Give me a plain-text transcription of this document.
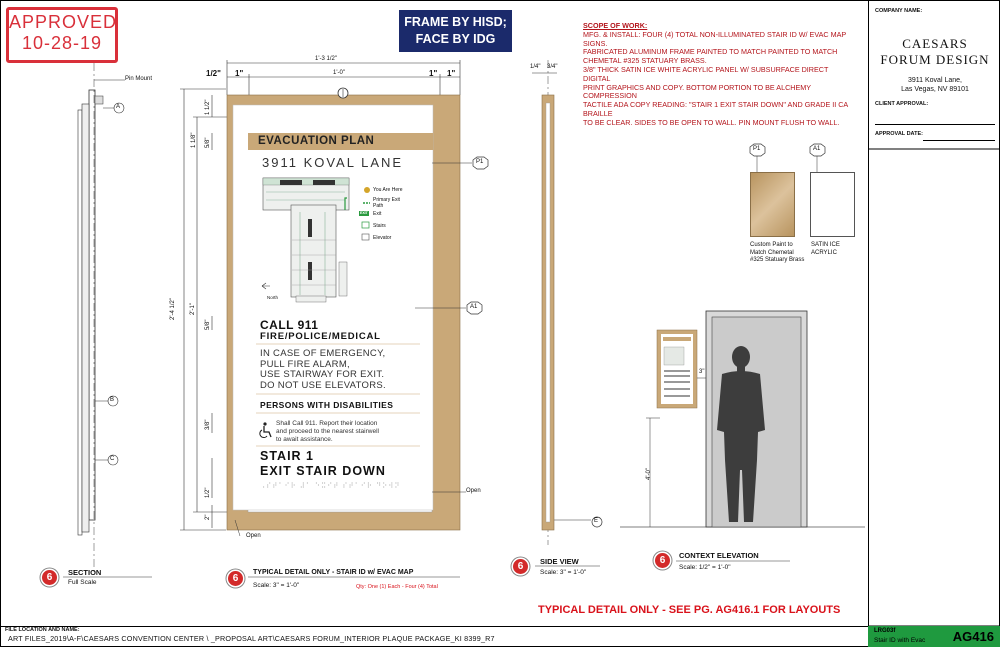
APPROVED
10-28-19
FRAME BY HISD;
FACE BY IDG
SCOPE OF WORK:
MFG. & INSTALL: FOUR (4) TOTAL NON-ILLUMINATED STAIR ID W/ EVAC MAP SIGNS.
FABRICATED ALUMINUM FRAME PAINTED TO MATCH PAINTED TO MATCH
CHEMETAL #325 STATUARY BRASS.
3/8" THICK SATIN ICE WHITE ACRYLIC PANEL W/ SUBSURFACE DIRECT DIGITAL
PRINT GRAPHICS AND COPY. BOTTOM PORTION TO BE ALCHEMY COMPRESSION
TACTILE ADA COPY READING: "STAIR 1 EXIT STAIR DOWN" AND GRADE II CA BRAILLE
TO BE CLEAR. SIDES TO BE OPEN TO WALL. PIN MOUNT FLUSH TO WALL.
COMPANY NAME:
CAESARS
FORUM DESIGN
3911 Koval Lane,
Las Vegas, NV 89101
CLIENT APPROVAL:
APPROVAL DATE:
EVACUATION PLAN
3911 KOVAL LANE
You Are Here
Primary Exit Path
EXIT Exit
Stairs
Elevator
North
CALL 911
FIRE/POLICE/MEDICAL
IN CASE OF EMERGENCY,
PULL FIRE ALARM,
USE STAIRWAY FOR EXIT.
DO NOT USE ELEVATORS.
PERSONS WITH DISABILITIES
Shall Call 911. Report their location
and proceed to the nearest stairwell
to await assistance.
STAIR 1
EXIT STAIR DOWN
⠠⠎⠞⠁⠊⠗ ⠼⠁ ⠑⠭⠊⠞ ⠎⠞⠁⠊⠗ ⠙⠕⠺⠝
1'-3 1/2"
1'-0"
1/2" 1"	1" 1"
2'-4 1/2" 2'-1"
1 1/2"
1 1/8" 5/8"
5/8"
3/8"
1/2"
2"
1/4" 3/4"
3"
4'-0"
Pin Mount
A
B
C
P1
A1
E
Open
Open
P1	A1
Custom Paint to
Match Chemetal
#325 Statuary Brass
SATIN ICE
ACRYLIC
6	SECTION
Full Scale	6
TYPICAL DETAIL ONLY - STAIR ID w/ EVAC MAP
Scale: 3" = 1'-0"	Qty: One (1) Each - Four (4) Total
6	SIDE VIEW
Scale: 3" = 1'-0"
6	CONTEXT ELEVATION
Scale: 1/2" = 1'-0"
TYPICAL DETAIL ONLY - SEE PG. AG416.1 FOR LAYOUTS
FILE LOCATION AND NAME:
ART FILES_2019\A-F\CAESARS CONVENTION CENTER \ _PROPOSAL ART\CAESARS FORUM_INTERIOR PLAQUE PACKAGE_KI 8399_R7
LRG03f
Stair ID with Evac AG416
